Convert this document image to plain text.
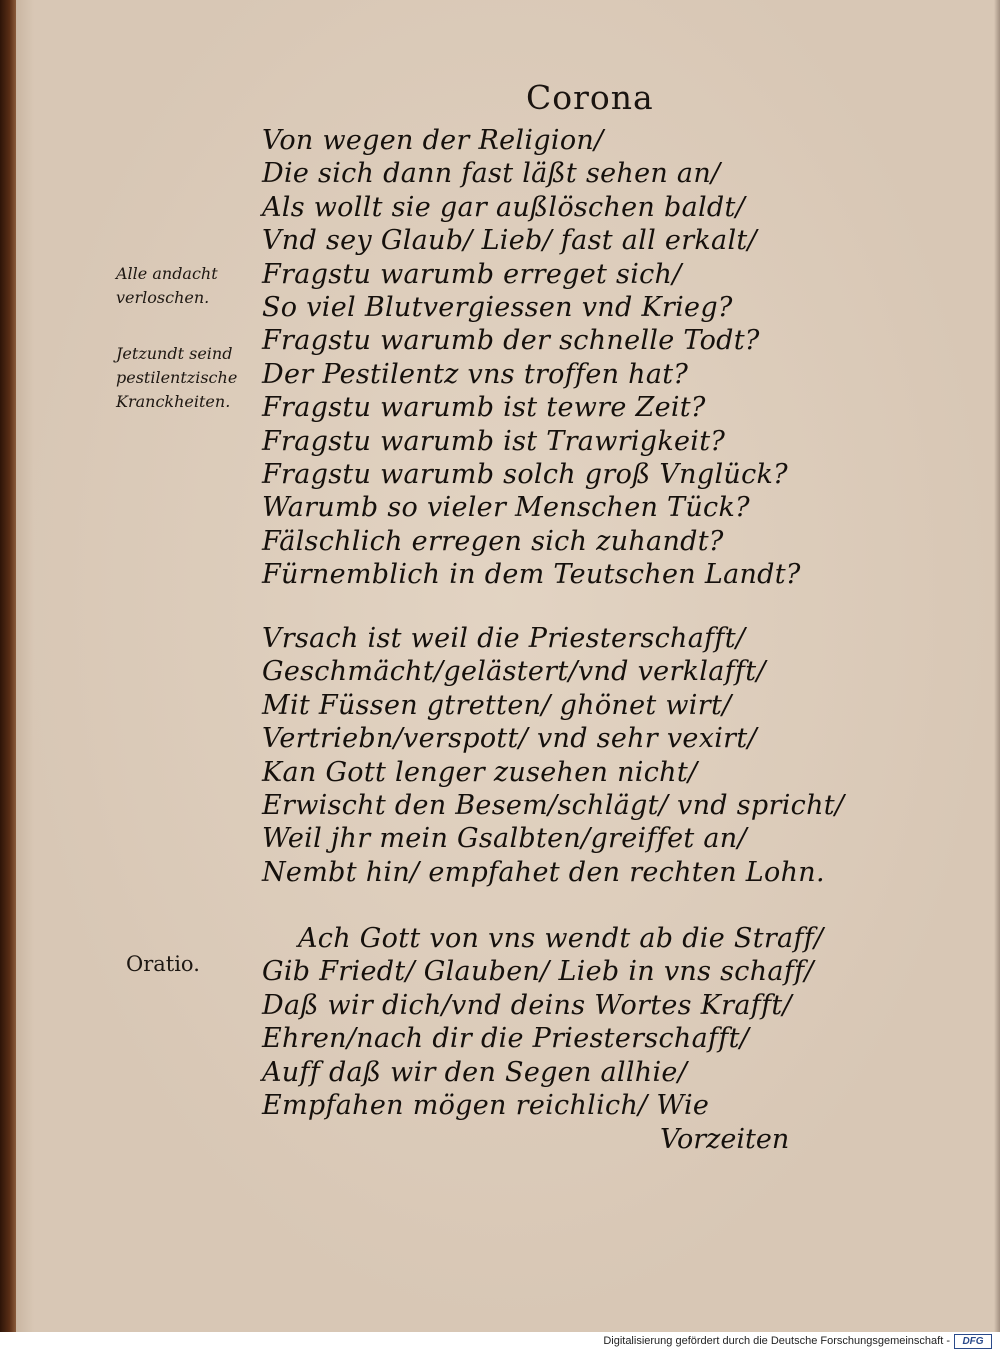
Corona
Von wegen der Religion/
Die sich dann fast läßt sehen an/
Als wollt sie gar außlöschen baldt/
Vnd sey Glaub/ Lieb/ fast all erkalt/
Fragstu warumb erreget sich/
So viel Blutvergiessen vnd Krieg?
Fragstu warumb der schnelle Todt?
Der Pestilentz vns troffen hat?
Fragstu warumb ist tewre Zeit?
Fragstu warumb ist Trawrigkeit?
Fragstu warumb solch groß Vnglück?
Warumb so vieler Menschen Tück?
Fälschlich erregen sich zuhandt?
Fürnemblich in dem Teutschen Landt?
Vrsach ist weil die Priesterschafft/
Geschmächt/gelästert/vnd verklafft/
Mit Füssen gtretten/ ghönet wirt/
Vertriebn/verspott/ vnd sehr vexirt/
Kan Gott lenger zusehen nicht/
Erwischt den Besem/schlägt/ vnd spricht/
Weil jhr mein Gsalbten/greiffet an/
Nembt hin/ empfahet den rechten Lohn.
Ach Gott von vns wendt ab die Straff/
Gib Friedt/ Glauben/ Lieb in vns schaff/
Daß wir dich/vnd deins Wortes Krafft/
Ehren/nach dir die Priesterschafft/
Auff daß wir den Segen allhie/
Empfahen mögen reichlich/ Wie
Vorzeiten
Alle andacht
verloschen.
Jetzundt seind
pestilentzische
Kranckheiten.
Oratio.
Digitalisierung gefördert durch die Deutsche Forschungsgemeinschaft -	DFG
